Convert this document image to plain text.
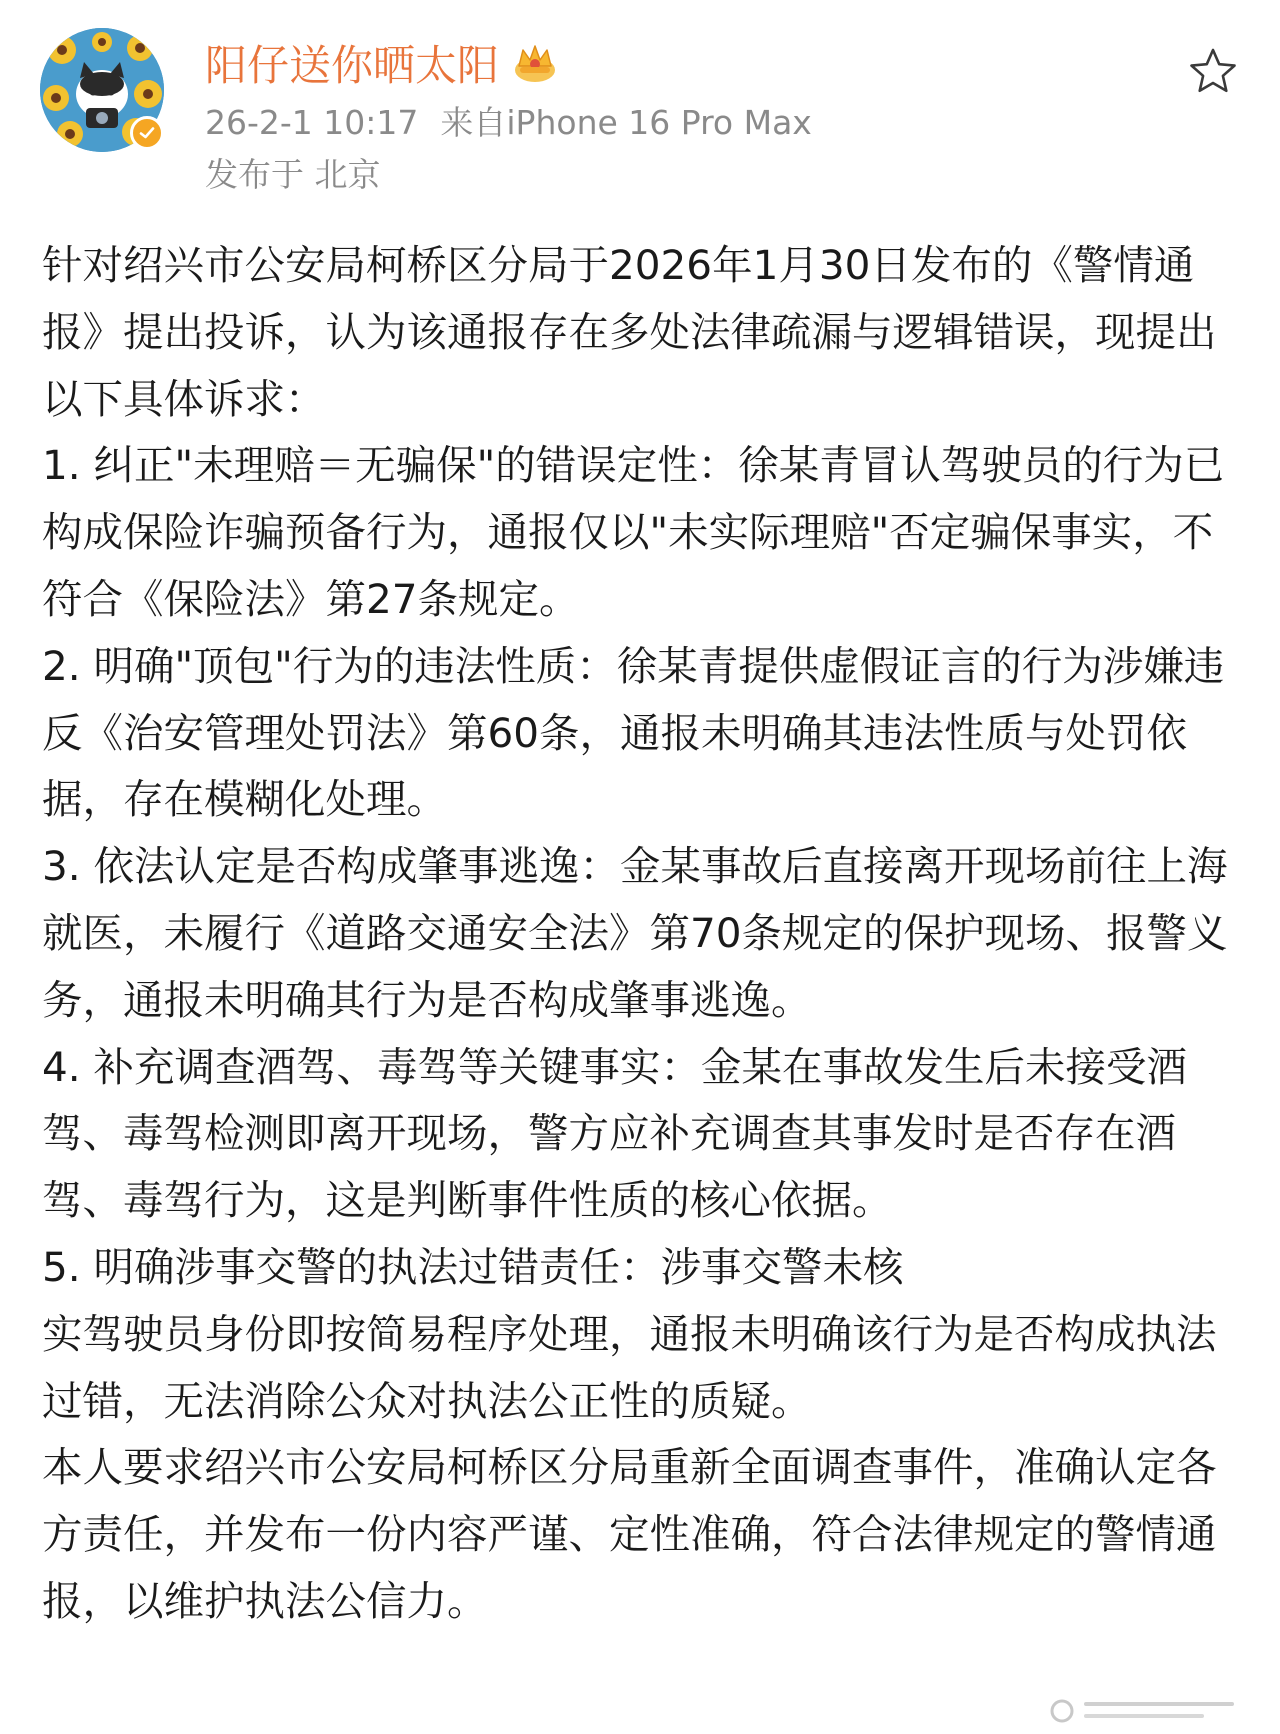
阳仔送你晒太阳
26-2-1 10:17 来自iPhone 16 Pro Max
发布于 北京

针对绍兴市公安局柯桥区分局于2026年1月30日发布的《警情通报》提出投诉，认为该通报存在多处法律疏漏与逻辑错误，现提出以下具体诉求：

1. 纠正"未理赔＝无骗保"的错误定性：徐某青冒认驾驶员的行为已构成保险诈骗预备行为，通报仅以"未实际理赔"否定骗保事实，不符合《保险法》第27条规定。

2. 明确"顶包"行为的违法性质：徐某青提供虚假证言的行为涉嫌违反《治安管理处罚法》第60条，通报未明确其违法性质与处罚依据，存在模糊化处理。

3. 依法认定是否构成肇事逃逸：金某事故后直接离开现场前往上海就医，未履行《道路交通安全法》第70条规定的保护现场、报警义务，通报未明确其行为是否构成肇事逃逸。

4. 补充调查酒驾、毒驾等关键事实：金某在事故发生后未接受酒驾、毒驾检测即离开现场，警方应补充调查其事发时是否存在酒驾、毒驾行为，这是判断事件性质的核心依据。

5. 明确涉事交警的执法过错责任：涉事交警未核

实驾驶员身份即按简易程序处理，通报未明确该行为是否构成执法过错，无法消除公众对执法公正性的质疑。

本人要求绍兴市公安局柯桥区分局重新全面调查事件，准确认定各方责任，并发布一份内容严谨、定性准确，符合法律规定的警情通报，以维护执法公信力。
